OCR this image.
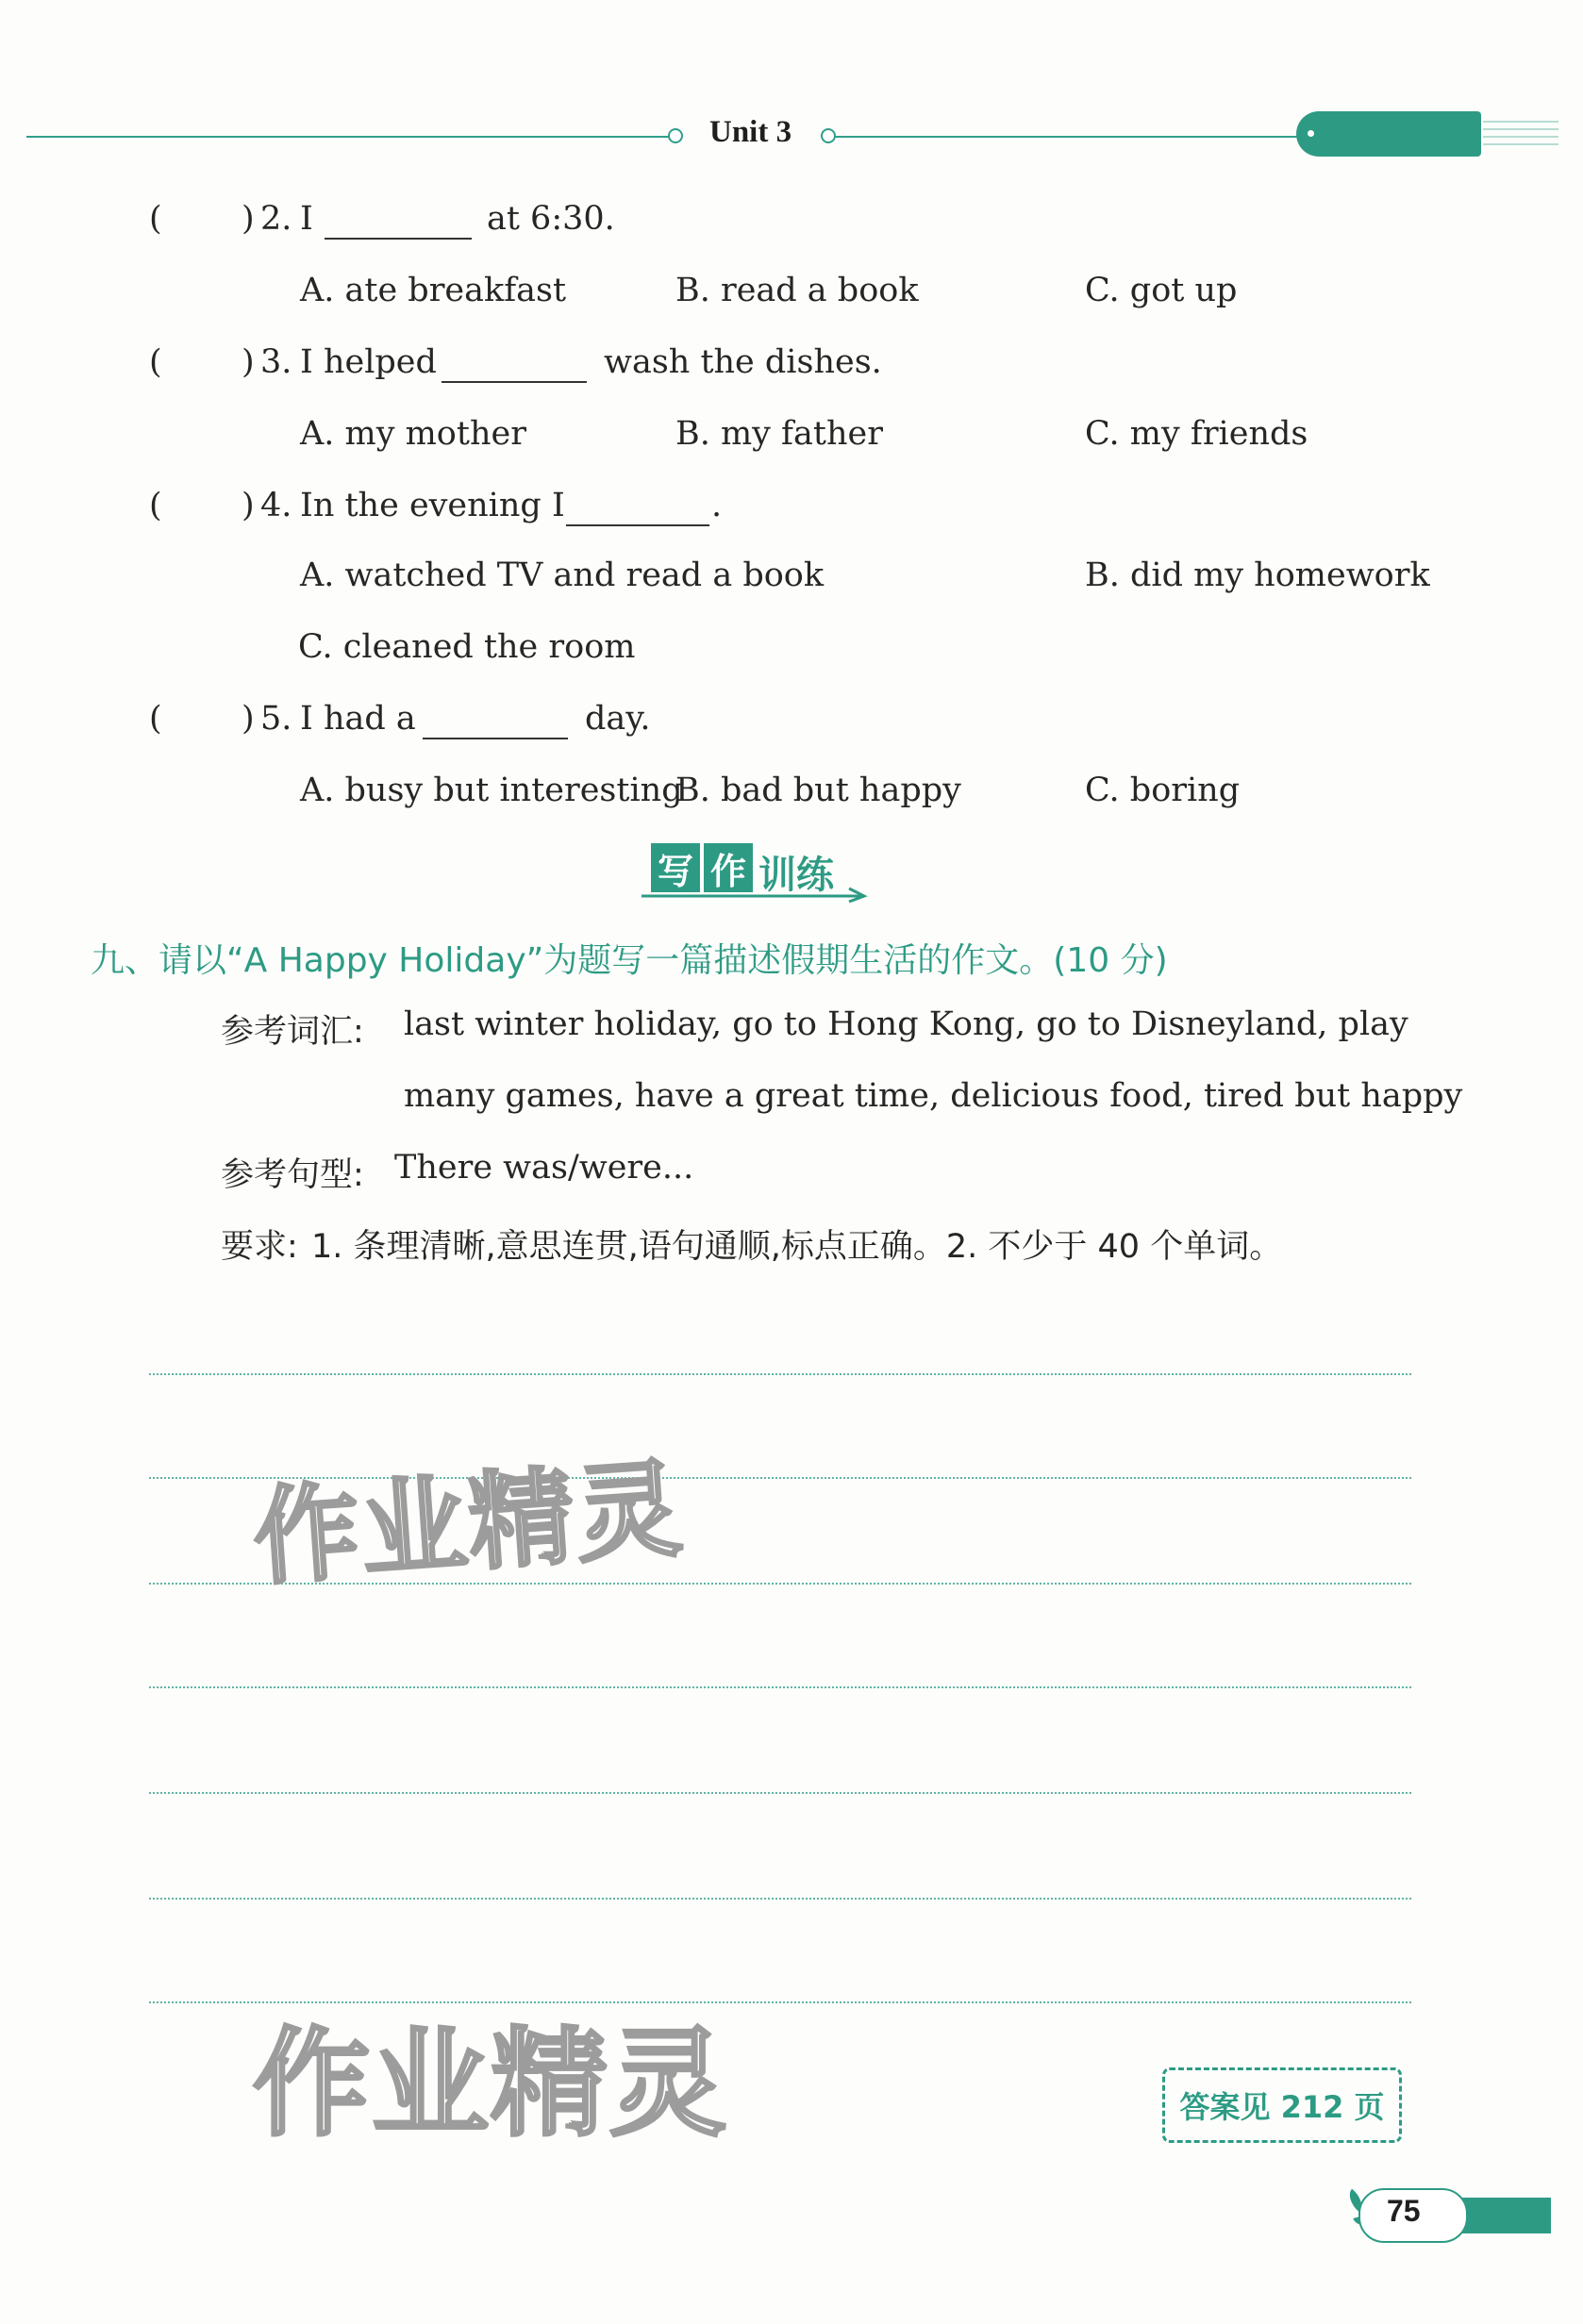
Unit 3
( ) 2. I	at 6:30.
A. ate breakfast	B. read a book	C. got up
( ) 3. I helped	wash the dishes.
A. my mother	B. my father	C. my friends
( ) 4. In the evening I	.
A. watched TV and read a book	B. did my homework
C. cleaned the room
( ) 5. I had a	day.
A. busy but interesting
B. bad but happy	C. boring
写 作 训练
九、请以“A Happy Holiday”为题写一篇描述假期生活的作文。(10 分)
参考词汇: last winter holiday, go to Hong Kong, go to Disneyland, play
many games, have a great time, delicious food, tired but happy
参考句型: There was/were...
要求: 1. 条理清晰,意思连贯,语句通顺,标点正确。2. 不少于 40 个单词。
作业精灵
作业精灵	答案见 212 页
75
